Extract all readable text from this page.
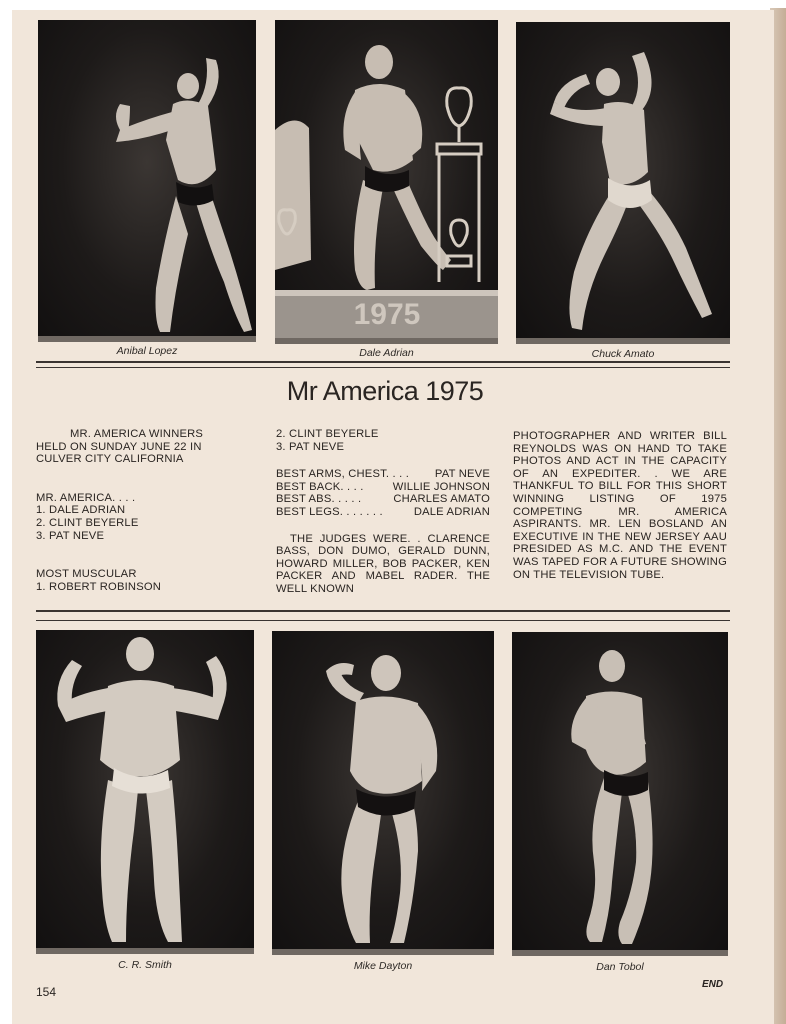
1975
Anibal Lopez	Dale Adrian	Chuck Amato
Mr America 1975

MR. AMERICA WINNERS

HELD ON SUNDAY JUNE 22 IN

CULVER CITY CALIFORNIA

MR. AMERICA. . . .

1. DALE ADRIAN

2. CLINT BEYERLE

3. PAT NEVE

MOST MUSCULAR

1. ROBERT ROBINSON

2. CLINT BEYERLE

3. PAT NEVE

BEST ARMS, CHEST. . . . PAT NEVE
BEST BACK. . . .	WILLIE JOHNSON
BEST ABS. . . . .	CHARLES AMATO
BEST LEGS. . . . . . .	DALE ADRIAN

THE JUDGES WERE. . CLARENCE BASS, DON DUMO, GERALD DUNN, HOWARD MILLER, BOB PACKER, KEN PACKER AND MABEL RADER. THE WELL KNOWN

PHOTOGRAPHER AND WRITER BILL REYNOLDS WAS ON HAND TO TAKE PHOTOS AND ACT IN THE CAPACITY OF AN EXPEDITER. . WE ARE THANKFUL TO BILL FOR THIS SHORT WINNING LISTING OF 1975 COMPETING MR. AMERICA ASPIRANTS. MR. LEN BOSLAND AN EXECUTIVE IN THE NEW JERSEY AAU PRESIDED AS M.C. AND THE EVENT WAS TAPED FOR A FUTURE SHOWING ON THE TELEVISION TUBE.

C. R. Smith	Mike Dayton	Dan Tobol
154
END
